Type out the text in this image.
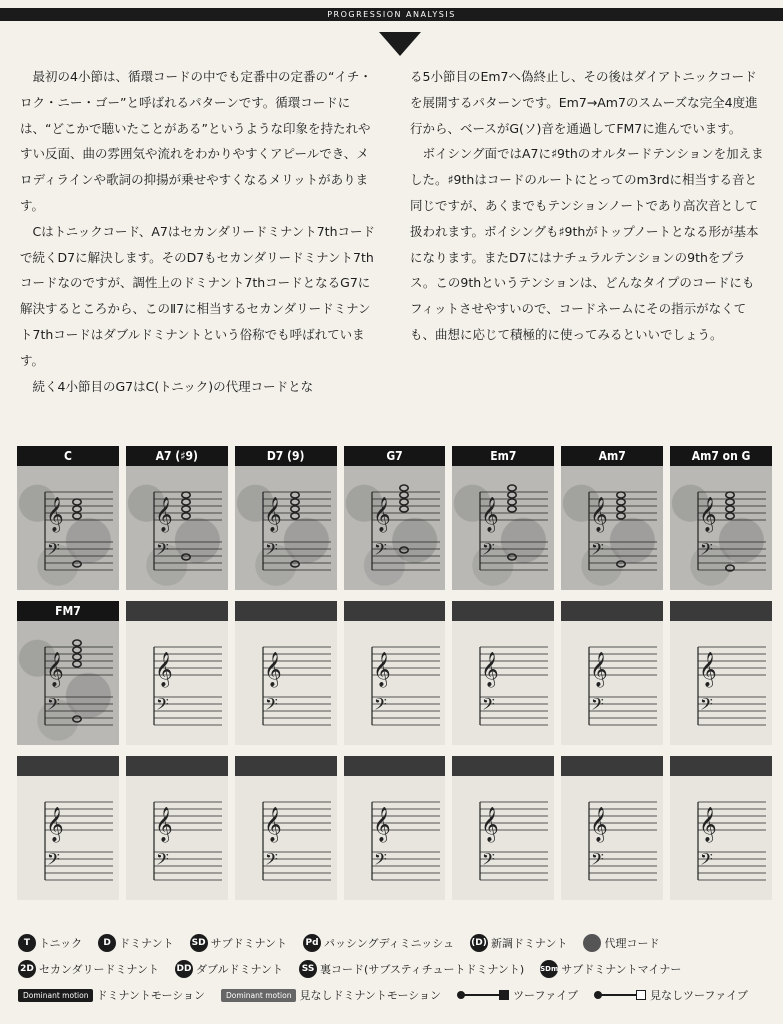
PROGRESSION ANALYSIS

最初の4小節は、循環コードの中でも定番中の定番の“イチ・ロク・ニー・ゴー”と呼ばれるパターンです。循環コードには、“どこかで聴いたことがある”というような印象を持たれやすい反面、曲の雰囲気や流れをわかりやすくアピールでき、メロディラインや歌詞の抑揚が乗せやすくなるメリットがあります。

Cはトニックコード、A7はセカンダリードミナント7thコードで続くD7に解決します。そのD7もセカンダリードミナント7thコードなのですが、調性上のドミナント7thコードとなるG7に解決するところから、このⅡ7に相当するセカンダリードミナント7thコードはダブルドミナントという俗称でも呼ばれています。

続く4小節目のG7はC(トニック)の代理コードとな

る5小節目のEm7へ偽終止し、その後はダイアトニックコードを展開するパターンです。Em7→Am7のスムーズな完全4度進行から、ベースがG(ソ)音を通過してFM7に進んでいます。

ボイシング面ではA7に♯9thのオルタードテンションを加えました。♯9thはコードのルートにとってのm3rdに相当する音と同じですが、あくまでもテンションノートであり高次音として扱われます。ボイシングも♯9thがトップノートとなる形が基本になります。またD7にはナチュラルテンションの9thをプラス。この9thというテンションは、どんなタイプのコードにもフィットさせやすいので、コードネームにその指示がなくても、曲想に応じて積極的に使ってみるといいでしょう。

C
𝄞
𝄢
A7 (♯9)
𝄞
𝄢
D7 (9)
𝄞
𝄢
G7
𝄞
𝄢
Em7
𝄞
𝄢
Am7
𝄞
𝄢
Am7 on G
𝄞
𝄢
FM7
𝄞
𝄢
𝄞
𝄢
𝄞
𝄢
𝄞
𝄢
𝄞
𝄢
𝄞
𝄢
𝄞
𝄢
𝄞
𝄢
𝄞
𝄢
𝄞
𝄢
𝄞
𝄢
𝄞
𝄢
𝄞
𝄢
𝄞
𝄢
T トニック	D ドミナント SD サブドミナント Pd パッシングディミニッシュ (D) 新調ドミナント	代理コード
2D セカンダリードミナント DD ダブルドミナント	SS 裏コード(サブスティチュートドミナント) SDm サブドミナントマイナー
Dominant motion ドミナントモーション	Dominant motion 見なしドミナントモーション	ツーファイブ	見なしツーファイブ
